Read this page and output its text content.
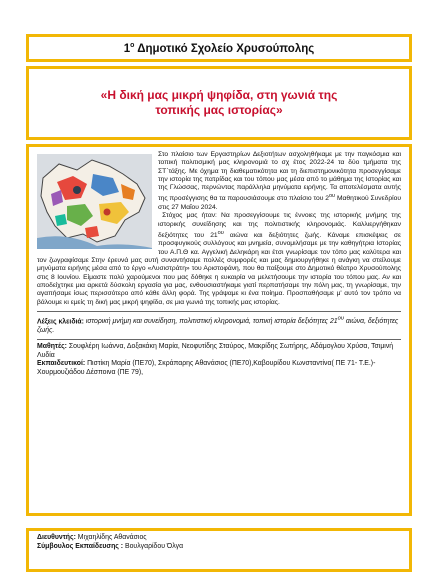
$1^o$ Δημοτικό Σχολείο Χρυσούπολης
«Η δική μας μικρή ψηφίδα, στη γωνιά της τοπικής μας ιστορίας»
Στο πλαίσιο των Εργαστηρίων Δεξιοτήτων ασχοληθήκαμε με την παγκόσμια και τοπική πολιτισμική μας κληρονομιά το σχ έτος 2022-24 τα δύο τμήματα της ΣΤ΄τάξης. Με όχημα τη διαθεματικότητα και τη διεπιστημονικότητα προσεγγίσαμε την ιστορία της πατρίδας και του τόπου μας μέσα από το μάθημα της Ιστορίας και της Γλώσσας, περνώντας παράλληλα μηνύματα ειρήνης. Τα αποτελέσματα αυτής της προσέγγισης θα τα παρουσιάσουμε στο πλαίσιο του $2^{o\upsilon}$ Μαθητικού Συνεδρίου στις 27 Μαΐου 2024.
Στόχος μας ήταν: Να προσεγγίσουμε τις έννοιες της ιστορικής μνήμης της ιστορικής συνείδησης και της πολιτιστικής κληρονομιάς. Καλλιεργήθηκαν δεξιότητες του $21^{o\upsilon}$ αιώνα και δεξιότητες ζωής. Κάναμε επισκέψεις σε προσφυγικούς συλλόγους και μνημεία, συνομιλήσαμε με την καθηγήτρια Ιστορίας του Α.Π.Θ κα. Αγγελική Δεληκάρη και έτσι γνωρίσαμε τον τόπο μας καλύτερα και τον ζωγραφίσαμε Στην έρευνά μας αυτή συναντήσαμε πολλές συμφορές και μας δημιουργήθηκε η ανάγκη να στείλουμε μηνύματα ειρήνης μέσα από το έργο «Λυσιστράτη» του Αριστοφάνη, που θα παίξουμε στο Δημοτικό θέατρο Χρυσούπολης στις 8 Ιουνίου. Είμαστε πολύ χαρούμενοι που μας δόθηκε η ευκαιρία να μελετήσουμε την ιστορία του τόπου μας. Αν και αποδείχτηκε μια αρκετά δύσκολη εργασία για μας, ενθουσιαστήκαμε γιατί περπατήσαμε την πόλη μας, τη γνωρίσαμε, την αγαπήσαμε ίσως περισσότερο από κάθε άλλη φορά. Της γράψαμε κι ένα ποίημα. Προσπαθήσαμε μ' αυτό τον τρόπο να βάλουμε κι εμείς τη δική μας μικρή ψηφίδα, σε μια γωνιά της τοπικής μας ιστορίας.
Λέξεις κλειδιά: ιστορική μνήμη και συνείδηση, πολιτιστική κληρονομιά, τοπική ιστορία δεξιότητες $21^{o\upsilon}$ αιώνα, δεξιότητες ζωής.
Μαθητές: Σουφλέρη Ιωάννα, Δοξακάκη Μαρία, Νεοφυτίδης Σταύρος, Μακρίδης Σωτήρης, Αδάμογλου Χρύσα, Τσιμινή Λυδία
Εκπαιδευτικοί: Πιστίκη Μαρία (ΠΕ70), Σκράπαρης Αθανάσιος (ΠΕ70),Καβουρίδου Κωνσταντίνα( ΠΕ 71- Τ.Ε.)- Χουρμουζιάδου Δέσποινα (ΠΕ 79),
Διευθυντής: Μιχαηλίδης Αθανάσιος
Σύμβουλος Εκπαίδευσης : Βουλγαρίδου Όλγα
